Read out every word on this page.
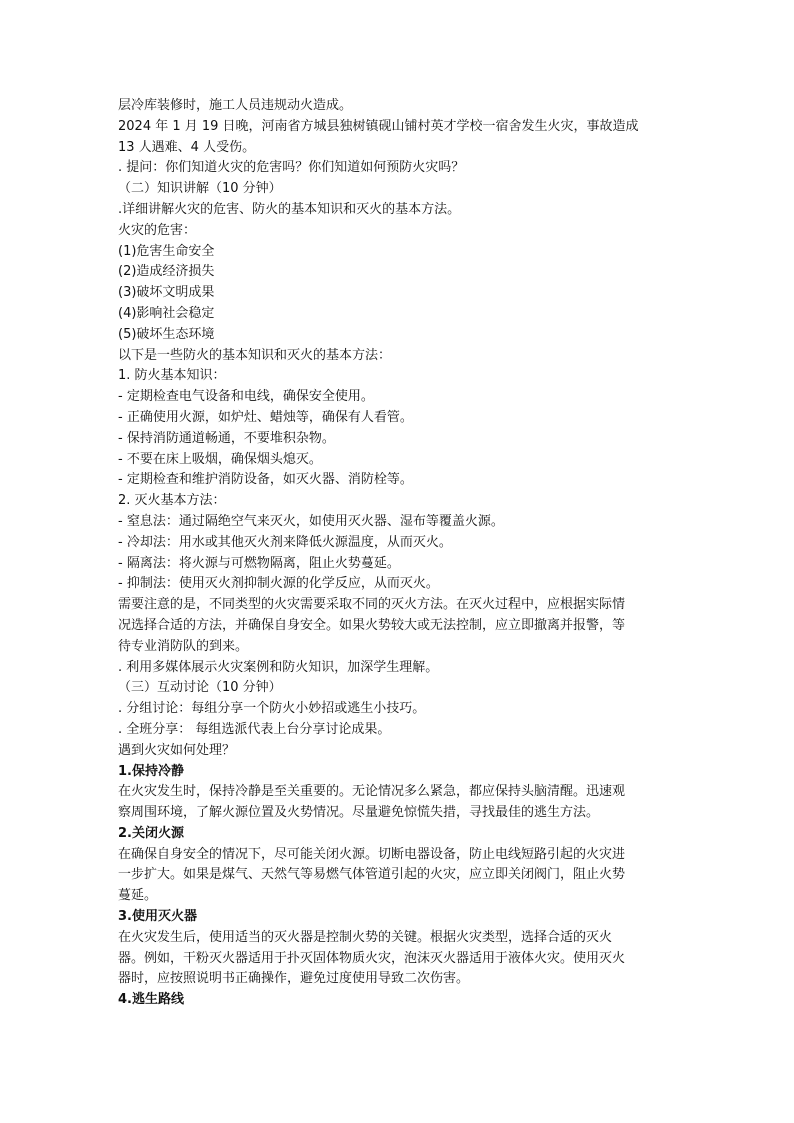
层冷库装修时，施工人员违规动火造成。

2024 年 1 月 19 日晚，河南省方城县独树镇砚山铺村英才学校一宿舍发生火灾，事故造成

13 人遇难、4 人受伤。

. 提问：你们知道火灾的危害吗？你们知道如何预防火灾吗？

（二）知识讲解（10 分钟）

.详细讲解火灾的危害、防火的基本知识和灭火的基本方法。

火灾的危害：

(1)危害生命安全

(2)造成经济损失

(3)破坏文明成果

(4)影响社会稳定

(5)破坏生态环境

以下是一些防火的基本知识和灭火的基本方法：

1. 防火基本知识：

- 定期检查电气设备和电线，确保安全使用。

- 正确使用火源，如炉灶、蜡烛等，确保有人看管。

- 保持消防通道畅通，不要堆积杂物。

- 不要在床上吸烟，确保烟头熄灭。

- 定期检查和维护消防设备，如灭火器、消防栓等。

2. 灭火基本方法：

- 窒息法：通过隔绝空气来灭火，如使用灭火器、湿布等覆盖火源。

- 冷却法：用水或其他灭火剂来降低火源温度，从而灭火。

- 隔离法：将火源与可燃物隔离，阻止火势蔓延。

- 抑制法：使用灭火剂抑制火源的化学反应，从而灭火。

需要注意的是，不同类型的火灾需要采取不同的灭火方法。在灭火过程中，应根据实际情

况选择合适的方法，并确保自身安全。如果火势较大或无法控制，应立即撤离并报警，等

待专业消防队的到来。

. 利用多媒体展示火灾案例和防火知识，加深学生理解。

（三）互动讨论（10 分钟）

. 分组讨论：每组分享一个防火小妙招或逃生小技巧。

. 全班分享： 每组选派代表上台分享讨论成果。

遇到火灾如何处理？

1.保持冷静

在火灾发生时，保持冷静是至关重要的。无论情况多么紧急，都应保持头脑清醒。迅速观

察周围环境，了解火源位置及火势情况。尽量避免惊慌失措，寻找最佳的逃生方法。

2.关闭火源

在确保自身安全的情况下，尽可能关闭火源。切断电器设备，防止电线短路引起的火灾进

一步扩大。如果是煤气、天然气等易燃气体管道引起的火灾，应立即关闭阀门，阻止火势

蔓延。

3.使用灭火器

在火灾发生后，使用适当的灭火器是控制火势的关键。根据火灾类型，选择合适的灭火

器。例如，干粉灭火器适用于扑灭固体物质火灾，泡沫灭火器适用于液体火灾。使用灭火

器时，应按照说明书正确操作，避免过度使用导致二次伤害。

4.逃生路线
